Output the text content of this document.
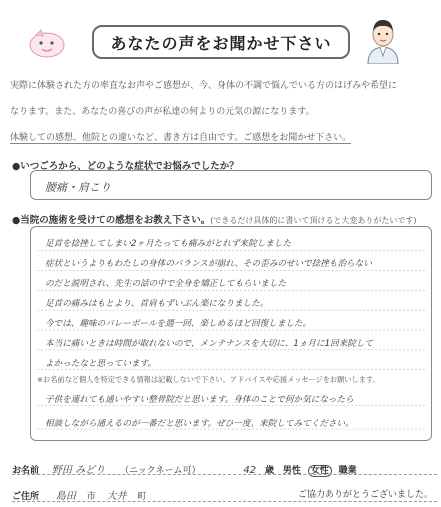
あなたの声をお聞かせ下さい
実際に体験された方の率直なお声やご感想が、今、身体の不調で悩んでいる方のはげみや希望に
なります。また、あなたの喜びの声が私達の何よりの元気の源になります。
体験しての感想、他院との違いなど、書き方は自由です。ご感想をお聞かせ下さい。
●いつごろから、どのような症状でお悩みでしたか？
腰痛・肩こり
●当院の施術を受けての感想をお教え下さい。(できるだけ具体的に書いて頂けると大変ありがたいです)
足首を捻挫してしまい2ヶ月たっても痛みがとれず来院しました
症状というよりもわたしの身体のバランスが崩れ、その歪みのせいで捻挫も治らない
のだと説明され、先生の話の中で全身を矯正してもらいました
足首の痛みはもとより、首肩もずいぶん楽になりました。
今では、趣味のバレーボールを週一回、楽しめるほど回復しました。
本当に痛いときは時間が取れないので、メンテナンスを大切に、1ヵ月に1回来院して
よかったなと思っています。
※お名前など個人を特定できる情報は記載しないで下さい。アドバイスや応援メッセージをお願いします。
子供を連れても通いやすい整骨院だと思います。身体のことで何か気になったら
相談しながら通えるのが一番だと思います。ぜひ一度、来院してみてください。
お名前 野田 みどり （ニックネーム可）	42 歳 男性 女性 職業
ご住所 島田 市 大井 町	ご協力ありがとうございました。
